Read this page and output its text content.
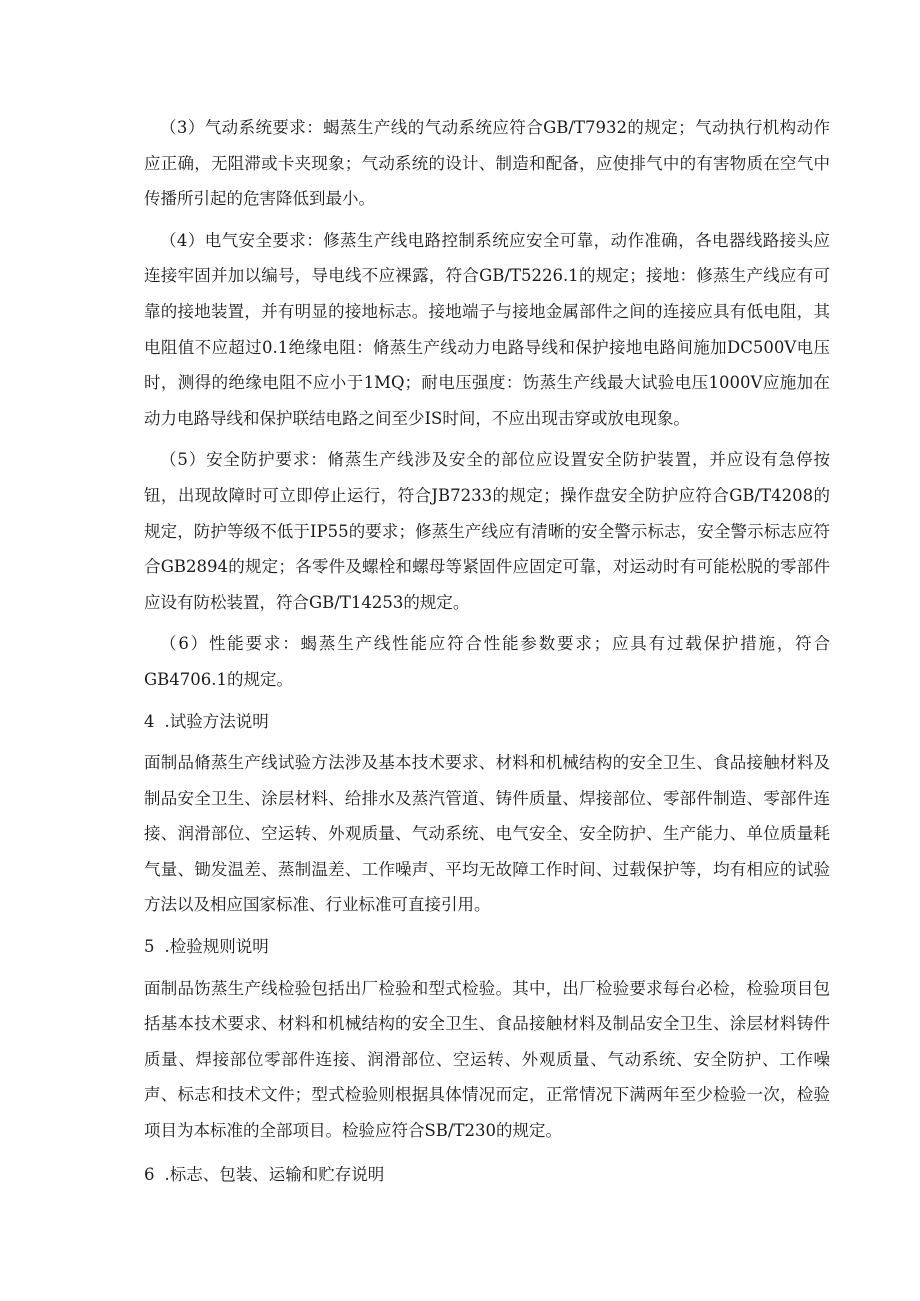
（3）气动系统要求：蝎蒸生产线的气动系统应符合GB/T7932的规定；气动执行机构动作应正确，无阻滞或卡夹现象；气动系统的设计、制造和配备，应使排气中的有害物质在空气中传播所引起的危害降低到最小。

（4）电气安全要求：修蒸生产线电路控制系统应安全可靠，动作准确，各电器线路接头应连接牢固并加以编号，导电线不应裸露，符合GB/T5226.1的规定；接地：修蒸生产线应有可靠的接地装置，并有明显的接地标志。接地端子与接地金属部件之间的连接应具有低电阻，其电阻值不应超过0.1绝缘电阻：脩蒸生产线动力电路导线和保护接地电路间施加DC500V电压时，测得的绝缘电阻不应小于1MQ；耐电压强度：饬蒸生产线最大试验电压1000V应施加在动力电路导线和保护联结电路之间至少IS时间，不应出现击穿或放电现象。

（5）安全防护要求：脩蒸生产线涉及安全的部位应设置安全防护装置，并应设有急停按钮，出现故障时可立即停止运行，符合JB7233的规定；操作盘安全防护应符合GB/T4208的规定，防护等级不低于IP55的要求；修蒸生产线应有清晰的安全警示标志，安全警示标志应符合GB2894的规定；各零件及螺栓和螺母等紧固件应固定可靠，对运动时有可能松脱的零部件应设有防松装置，符合GB/T14253的规定。

（6）性能要求：蝎蒸生产线性能应符合性能参数要求；应具有过载保护措施，符合GB4706.1的规定。

4 .试验方法说明

面制品脩蒸生产线试验方法涉及基本技术要求、材料和机械结构的安全卫生、食品接触材料及制品安全卫生、涂层材料、给排水及蒸汽管道、铸件质量、焊接部位、零部件制造、零部件连接、润滑部位、空运转、外观质量、气动系统、电气安全、安全防护、生产能力、单位质量耗气量、锄发温差、蒸制温差、工作噪声、平均无故障工作时间、过载保护等，均有相应的试验方法以及相应国家标准、行业标准可直接引用。

5 .检验规则说明

面制品饬蒸生产线检验包括出厂检验和型式检验。其中，出厂检验要求每台必检，检验项目包括基本技术要求、材料和机械结构的安全卫生、食品接触材料及制品安全卫生、涂层材料铸件质量、焊接部位零部件连接、润滑部位、空运转、外观质量、气动系统、安全防护、工作噪声、标志和技术文件；型式检验则根据具体情况而定，正常情况下满两年至少检验一次，检验项目为本标准的全部项目。检验应符合SB/T230的规定。

6 .标志、包装、运输和贮存说明
